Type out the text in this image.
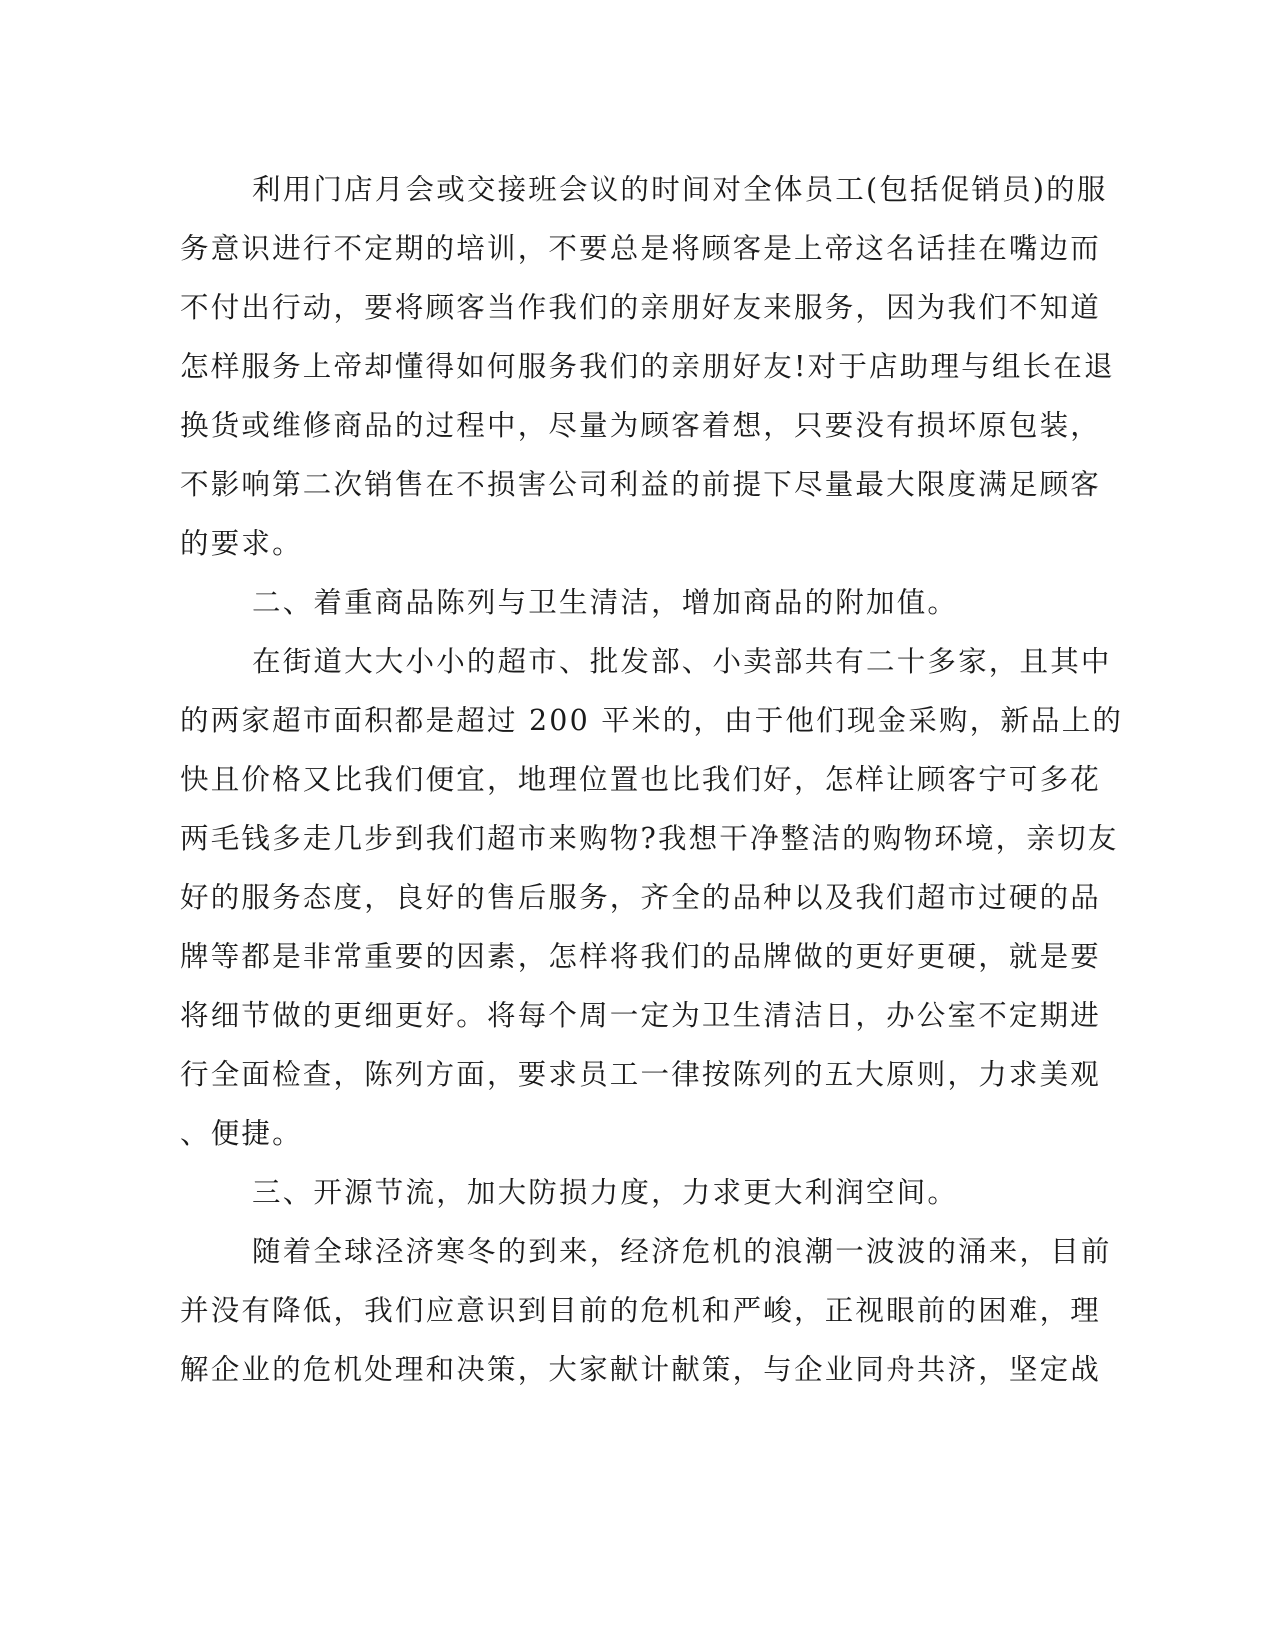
利用门店月会或交接班会议的时间对全体员工(包括促销员)的服
务意识进行不定期的培训，不要总是将顾客是上帝这名话挂在嘴边而
不付出行动，要将顾客当作我们的亲朋好友来服务，因为我们不知道
怎样服务上帝却懂得如何服务我们的亲朋好友!对于店助理与组长在退
换货或维修商品的过程中，尽量为顾客着想，只要没有损坏原包装，
不影响第二次销售在不损害公司利益的前提下尽量最大限度满足顾客
的要求。
二、着重商品陈列与卫生清洁，增加商品的附加值。
在街道大大小小的超市、批发部、小卖部共有二十多家，且其中
的两家超市面积都是超过 200 平米的，由于他们现金采购，新品上的
快且价格又比我们便宜，地理位置也比我们好，怎样让顾客宁可多花
两毛钱多走几步到我们超市来购物?我想干净整洁的购物环境，亲切友
好的服务态度，良好的售后服务，齐全的品种以及我们超市过硬的品
牌等都是非常重要的因素，怎样将我们的品牌做的更好更硬，就是要
将细节做的更细更好。将每个周一定为卫生清洁日，办公室不定期进
行全面检查，陈列方面，要求员工一律按陈列的五大原则，力求美观
、便捷。
三、开源节流，加大防损力度，力求更大利润空间。
随着全球泾济寒冬的到来，经济危机的浪潮一波波的涌来，目前
并没有降低，我们应意识到目前的危机和严峻，正视眼前的困难，理
解企业的危机处理和决策，大家献计献策，与企业同舟共济，坚定战
